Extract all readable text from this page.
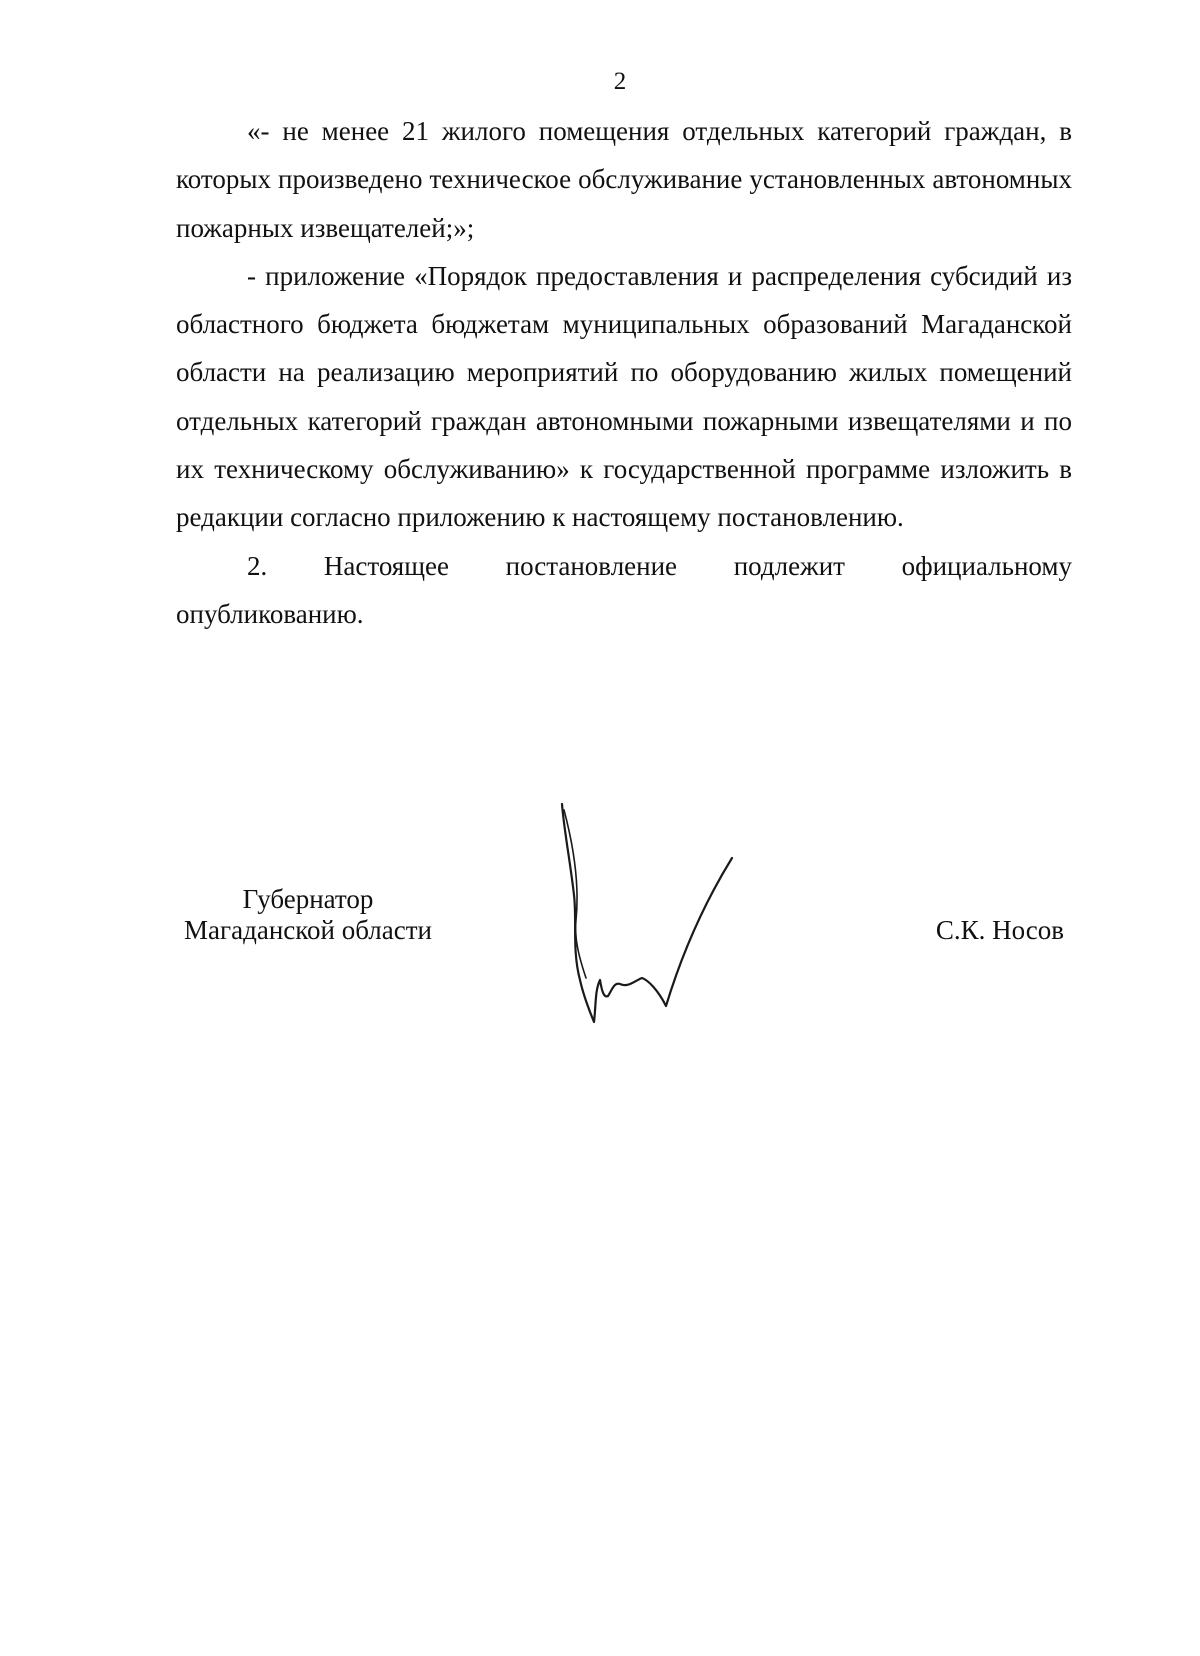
2

«- не менее 21 жилого помещения отдельных категорий граждан, в которых произведено техническое обслуживание установленных автономных пожарных извещателей;»;

- приложение «Порядок предоставления и распределения субсидий из областного бюджета бюджетам муниципальных образований Магаданской области на реализацию мероприятий по оборудованию жилых помещений отдельных категорий граждан автономными пожарными извещателями и по их техническому обслуживанию» к государственной программе изложить в редакции согласно приложению к настоящему постановлению.

2. Настоящее постановление подлежит официальному

опубликованию.

Губернатор
Магаданской области	С.К. Носов
